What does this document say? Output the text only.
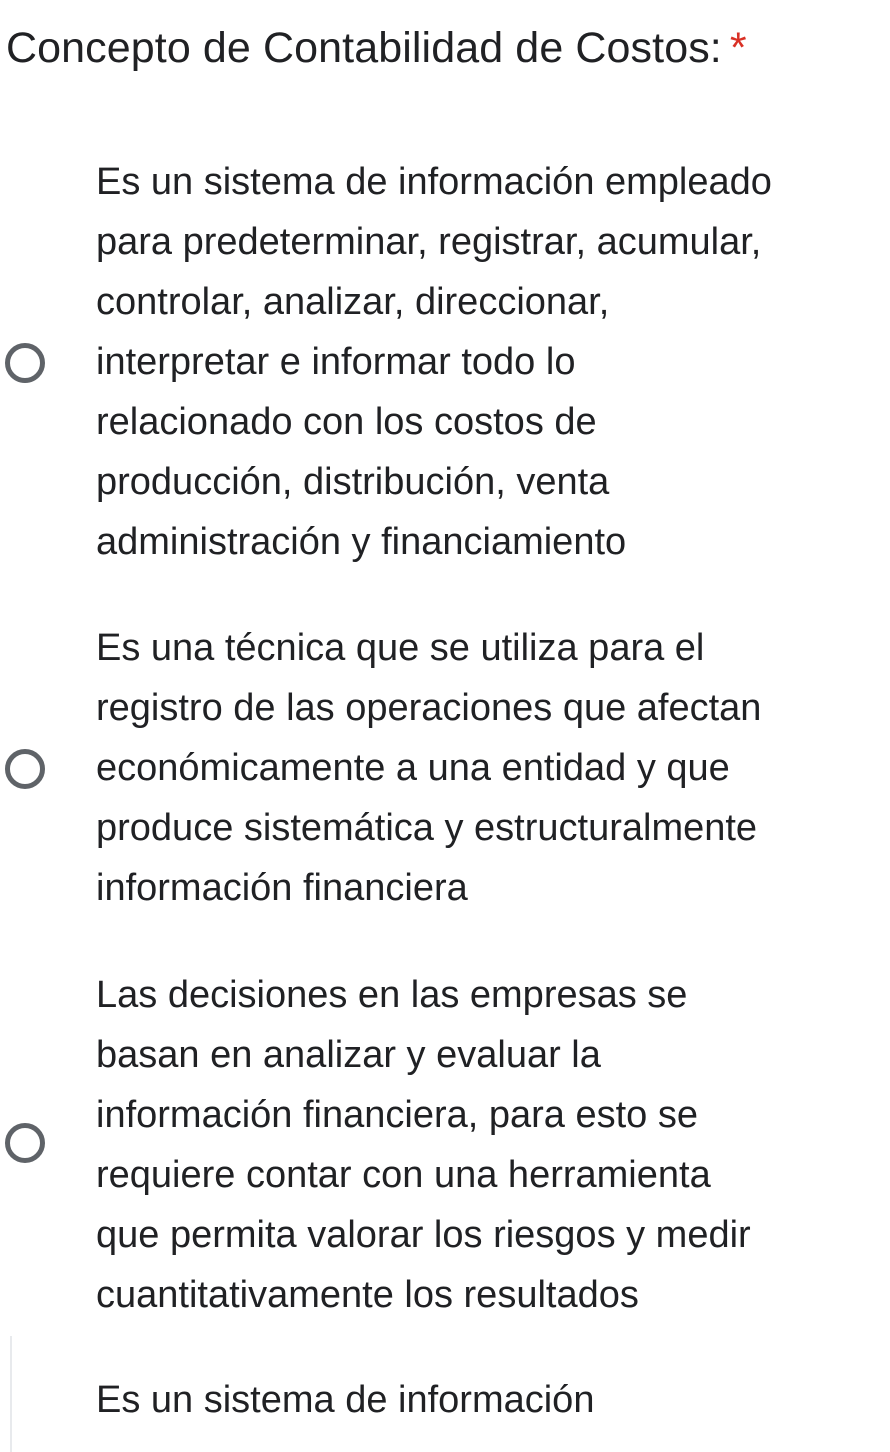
Concepto de Contabilidad de Costos: *
Es un sistema de información empleado
para predeterminar, registrar, acumular,
controlar, analizar, direccionar,
interpretar e informar todo lo
relacionado con los costos de
producción, distribución, venta
administración y financiamiento
Es una técnica que se utiliza para el
registro de las operaciones que afectan
económicamente a una entidad y que
produce sistemática y estructuralmente
información financiera
Las decisiones en las empresas se
basan en analizar y evaluar la
información financiera, para esto se
requiere contar con una herramienta
que permita valorar los riesgos y medir
cuantitativamente los resultados
Es un sistema de información
